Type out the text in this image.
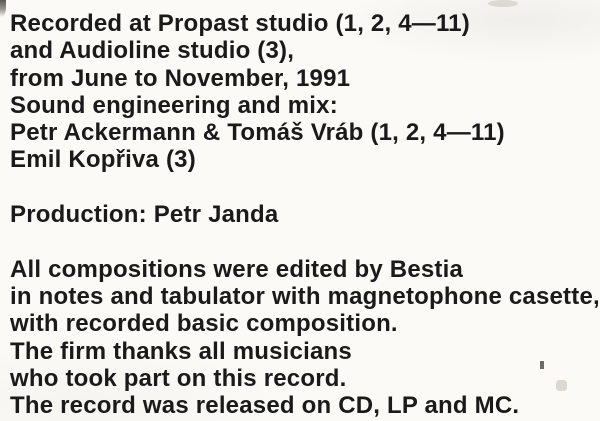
Recorded at Propast studio (1, 2, 4—11)
and Audioline studio (3),
from June to November, 1991
Sound engineering and mix:
Petr Ackermann & Tomáš Vráb (1, 2, 4—11)
Emil Kopřiva (3)
Production: Petr Janda
All compositions were edited by Bestia
in notes and tabulator with magnetophone casette,
with recorded basic composition.
The firm thanks all musicians
who took part on this record.
The record was released on CD, LP and MC.
